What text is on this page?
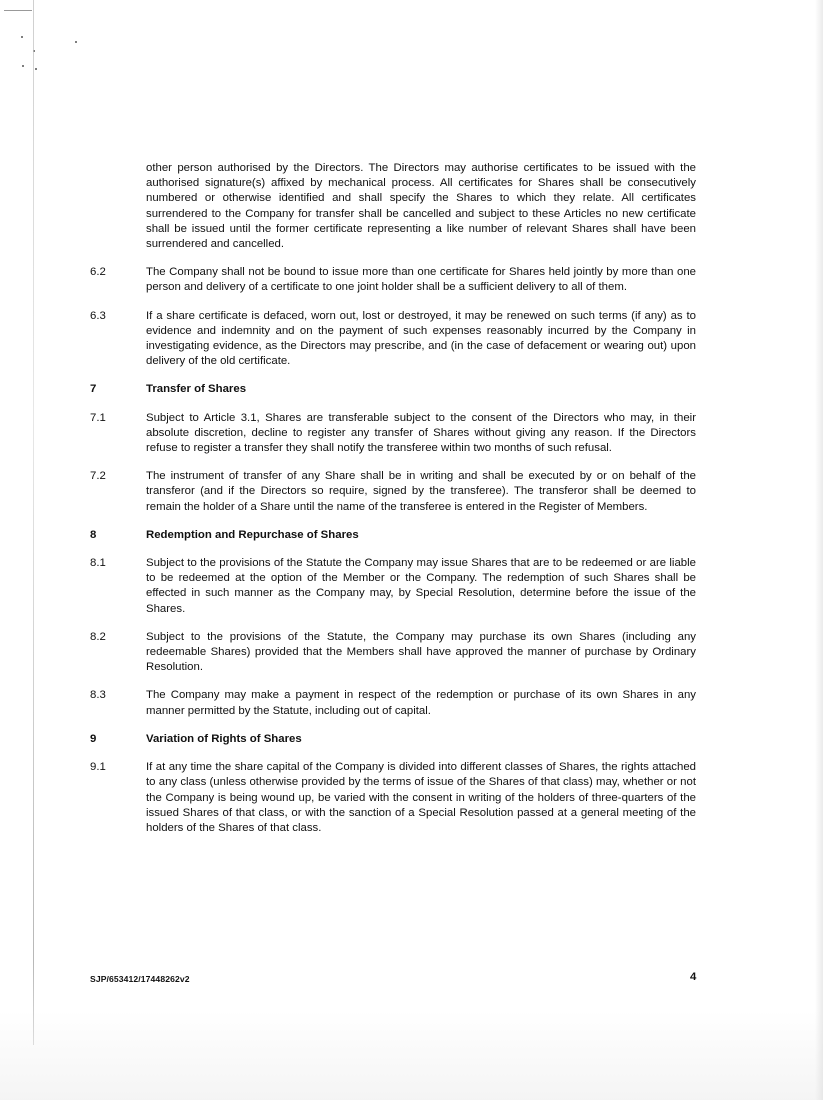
other person authorised by the Directors. The Directors may authorise certificates to be issued with the authorised signature(s) affixed by mechanical process. All certificates for Shares shall be consecutively numbered or otherwise identified and shall specify the Shares to which they relate. All certificates surrendered to the Company for transfer shall be cancelled and subject to these Articles no new certificate shall be issued until the former certificate representing a like number of relevant Shares shall have been surrendered and cancelled.
6.2	The Company shall not be bound to issue more than one certificate for Shares held jointly by more than one person and delivery of a certificate to one joint holder shall be a sufficient delivery to all of them.
6.3	If a share certificate is defaced, worn out, lost or destroyed, it may be renewed on such terms (if any) as to evidence and indemnity and on the payment of such expenses reasonably incurred by the Company in investigating evidence, as the Directors may prescribe, and (in the case of defacement or wearing out) upon delivery of the old certificate.
7	Transfer of Shares
7.1	Subject to Article 3.1, Shares are transferable subject to the consent of the Directors who may, in their absolute discretion, decline to register any transfer of Shares without giving any reason. If the Directors refuse to register a transfer they shall notify the transferee within two months of such refusal.
7.2	The instrument of transfer of any Share shall be in writing and shall be executed by or on behalf of the transferor (and if the Directors so require, signed by the transferee). The transferor shall be deemed to remain the holder of a Share until the name of the transferee is entered in the Register of Members.
8	Redemption and Repurchase of Shares
8.1	Subject to the provisions of the Statute the Company may issue Shares that are to be redeemed or are liable to be redeemed at the option of the Member or the Company. The redemption of such Shares shall be effected in such manner as the Company may, by Special Resolution, determine before the issue of the Shares.
8.2	Subject to the provisions of the Statute, the Company may purchase its own Shares (including any redeemable Shares) provided that the Members shall have approved the manner of purchase by Ordinary Resolution.
8.3	The Company may make a payment in respect of the redemption or purchase of its own Shares in any manner permitted by the Statute, including out of capital.
9	Variation of Rights of Shares
9.1	If at any time the share capital of the Company is divided into different classes of Shares, the rights attached to any class (unless otherwise provided by the terms of issue of the Shares of that class) may, whether or not the Company is being wound up, be varied with the consent in writing of the holders of three-quarters of the issued Shares of that class, or with the sanction of a Special Resolution passed at a general meeting of the holders of the Shares of that class.
SJP/653412/17448262v2	4
